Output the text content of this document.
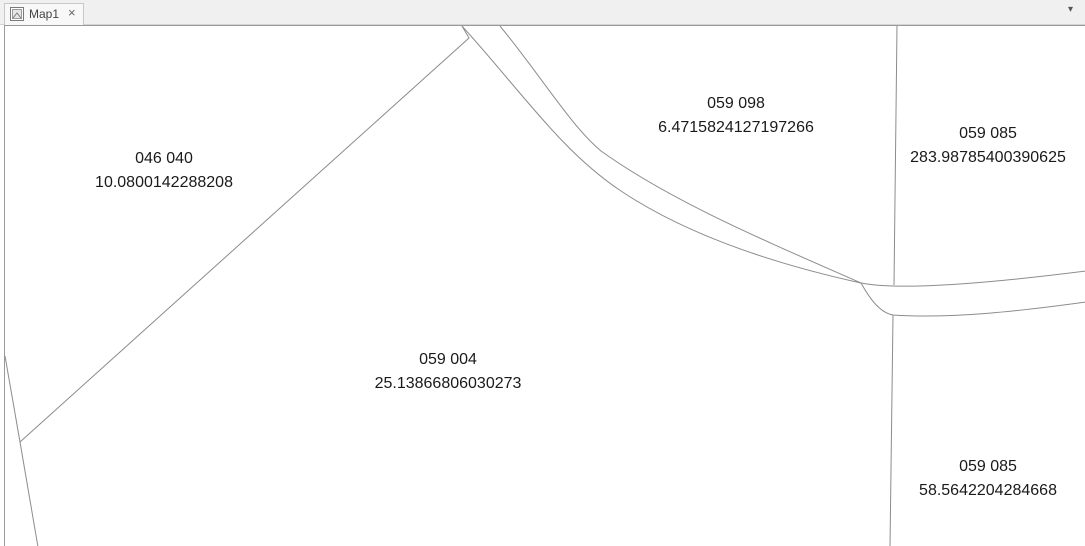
Map1 ×	▾
046 040
10.0800142288208
059 098
6.4715824127197266	059 085
283.98785400390625
059 004
25.13866806030273
059 085
58.5642204284668
